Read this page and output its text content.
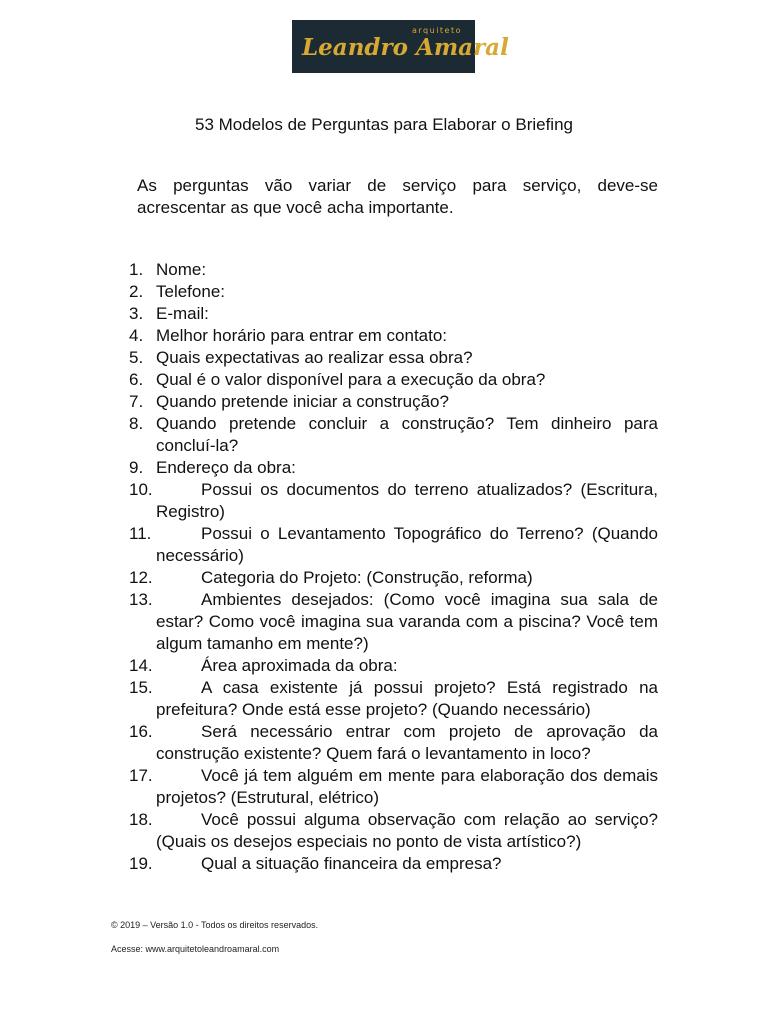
arquiteto
Leandro Amaral
53 Modelos de Perguntas para Elaborar o Briefing
As perguntas vão variar de serviço para serviço, deve-se acrescentar as que você acha importante.
1. Nome:
2. Telefone:
3. E-mail:
4. Melhor horário para entrar em contato:
5. Quais expectativas ao realizar essa obra?
6. Qual é o valor disponível para a execução da obra?
7. Quando pretende iniciar a construção?
8. Quando pretende concluir a construção? Tem dinheiro para concluí-la?
9. Endereço da obra:
10.	Possui os documentos do terreno atualizados? (Escritura, Registro)
11.	Possui o Levantamento Topográfico do Terreno? (Quando necessário)
12.	Categoria do Projeto: (Construção, reforma)
13.	Ambientes desejados: (Como você imagina sua sala de estar? Como você imagina sua varanda com a piscina? Você tem algum tamanho em mente?)
14.	Área aproximada da obra:
15.	A casa existente já possui projeto? Está registrado na prefeitura? Onde está esse projeto? (Quando necessário)
16.	Será necessário entrar com projeto de aprovação da construção existente? Quem fará o levantamento in loco?
17.	Você já tem alguém em mente para elaboração dos demais projetos? (Estrutural, elétrico)
18.	Você possui alguma observação com relação ao serviço? (Quais os desejos especiais no ponto de vista artístico?)
19.	Qual a situação financeira da empresa?
© 2019 – Versão 1.0 - Todos os direitos reservados.
Acesse: www.arquitetoleandroamaral.com
